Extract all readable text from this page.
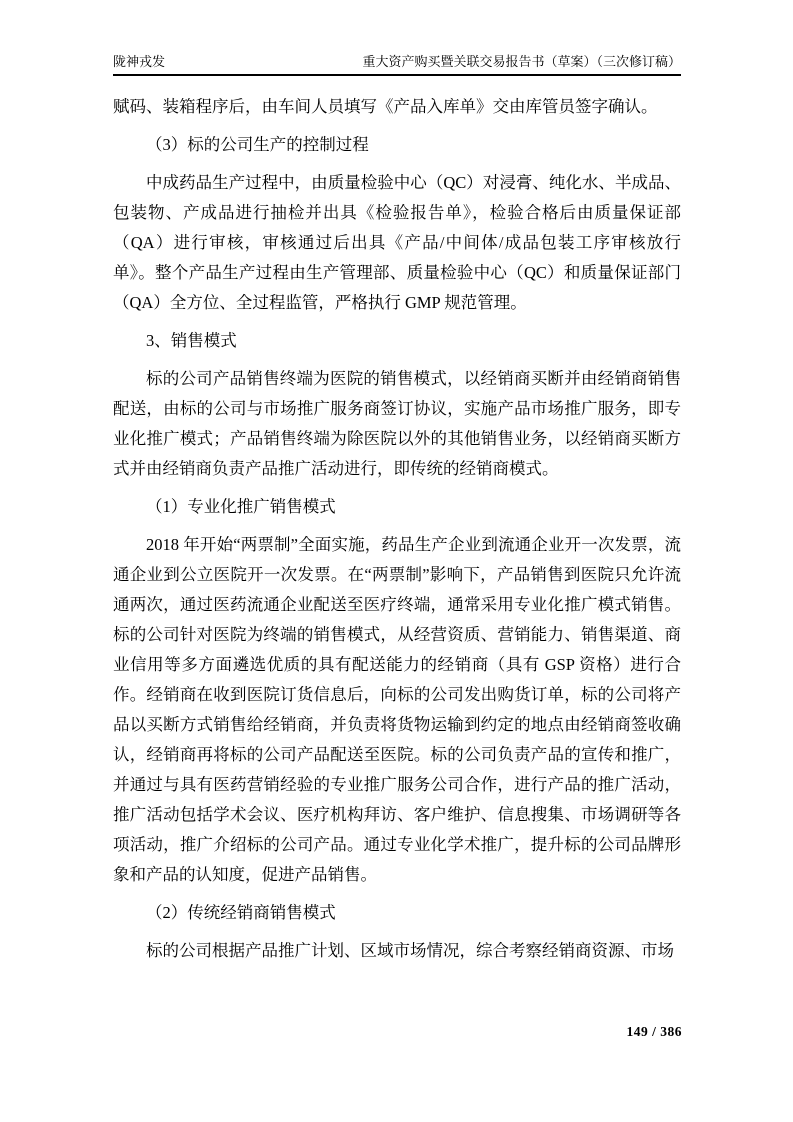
陇神戎发	重大资产购买暨关联交易报告书（草案）（三次修订稿）
赋码、装箱程序后，由车间人员填写《产品入库单》交由库管员签字确认。
（3）标的公司生产的控制过程
中成药品生产过程中，由质量检验中心（QC）对浸膏、纯化水、半成品、包装物、产成品进行抽检并出具《检验报告单》，检验合格后由质量保证部（QA）进行审核，审核通过后出具《产品/中间体/成品包装工序审核放行单》。整个产品生产过程由生产管理部、质量检验中心（QC）和质量保证部门（QA）全方位、全过程监管，严格执行 GMP 规范管理。
3、销售模式
标的公司产品销售终端为医院的销售模式，以经销商买断并由经销商销售配送，由标的公司与市场推广服务商签订协议，实施产品市场推广服务，即专业化推广模式；产品销售终端为除医院以外的其他销售业务，以经销商买断方式并由经销商负责产品推广活动进行，即传统的经销商模式。
（1）专业化推广销售模式
2018 年开始“两票制”全面实施，药品生产企业到流通企业开一次发票，流通企业到公立医院开一次发票。在“两票制”影响下，产品销售到医院只允许流通两次，通过医药流通企业配送至医疗终端，通常采用专业化推广模式销售。标的公司针对医院为终端的销售模式，从经营资质、营销能力、销售渠道、商业信用等多方面遴选优质的具有配送能力的经销商（具有 GSP 资格）进行合作。经销商在收到医院订货信息后，向标的公司发出购货订单，标的公司将产品以买断方式销售给经销商，并负责将货物运输到约定的地点由经销商签收确认，经销商再将标的公司产品配送至医院。标的公司负责产品的宣传和推广，并通过与具有医药营销经验的专业推广服务公司合作，进行产品的推广活动，推广活动包括学术会议、医疗机构拜访、客户维护、信息搜集、市场调研等各项活动，推广介绍标的公司产品。通过专业化学术推广，提升标的公司品牌形象和产品的认知度，促进产品销售。
（2）传统经销商销售模式
标的公司根据产品推广计划、区域市场情况，综合考察经销商资源、市场
149 / 386
